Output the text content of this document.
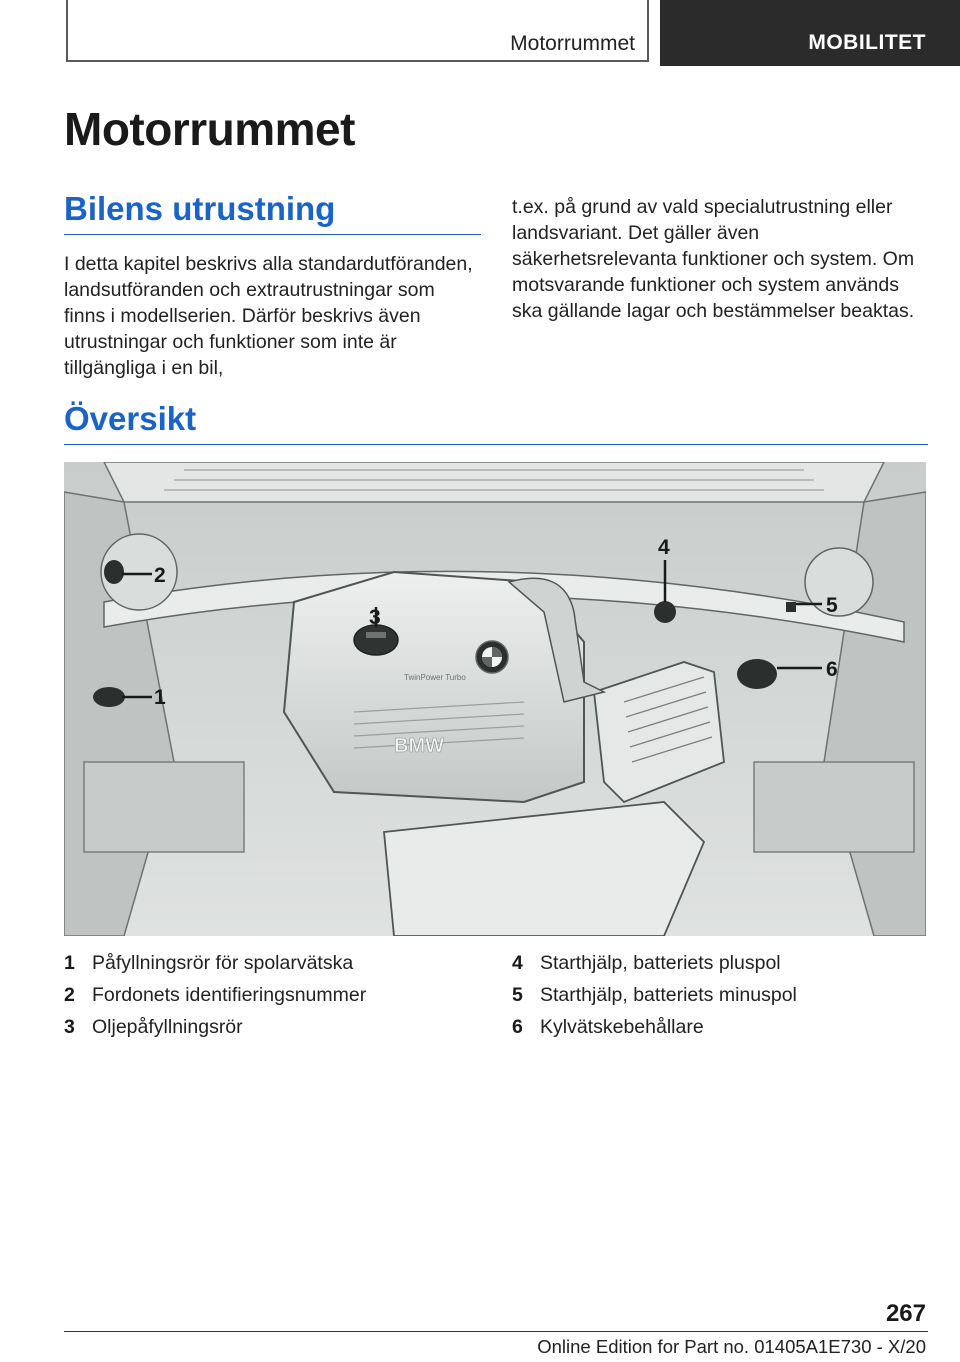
Motorrummet	MOBILITET
Motorrummet
Bilens utrustning

I detta kapitel beskrivs alla standardutföranden, landsutföranden och extrautrustningar som finns i modellserien. Därför beskrivs även utrustningar och funktioner som inte är tillgängliga i en bil,

t.ex. på grund av vald specialutrustning eller landsvariant. Det gäller även säkerhetsrelevanta funktioner och system. Om motsvarande funktioner och system används ska gällande lagar och bestämmelser beaktas.

Översikt
BMW
TwinPower Turbo
1
2
3
4
5
6
1 Påfyllningsrör för spolarvätska
2 Fordonets identifieringsnummer
3 Oljepåfyllningsrör
4 Starthjälp, batteriets pluspol
5 Starthjälp, batteriets minuspol
6 Kylvätskebehållare
267
Online Edition for Part no. 01405A1E730 - X/20
